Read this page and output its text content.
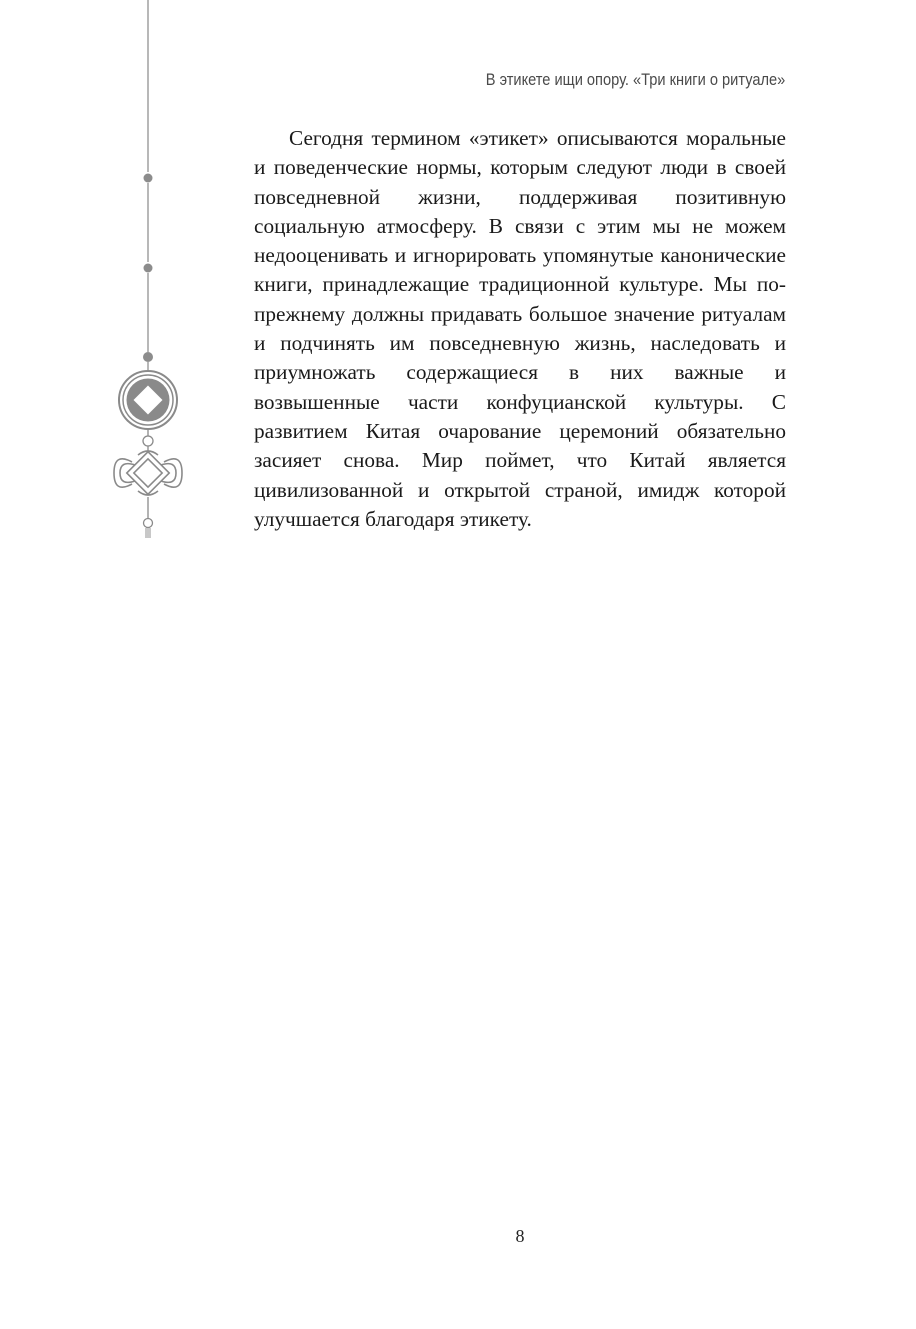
В этикете ищи опору. «Три книги о ритуале»

Сегодня термином «этикет» описываются моральные и поведенческие нормы, которым следуют люди в своей повседневной жизни, поддерживая позитивную социальную атмосферу. В связи с этим мы не можем недооценивать и игнорировать упомянутые канонические книги, принадлежащие традиционной культуре. Мы по-прежнему должны придавать большое значение ритуалам и подчинять им повседневную жизнь, наследовать и приумножать содержащиеся в них важные и возвышенные части конфуцианской культуры. С развитием Китая очарование церемоний обязательно засияет снова. Мир поймет, что Китай является цивилизованной и открытой страной, имидж которой улучшается благодаря этикету.

8
